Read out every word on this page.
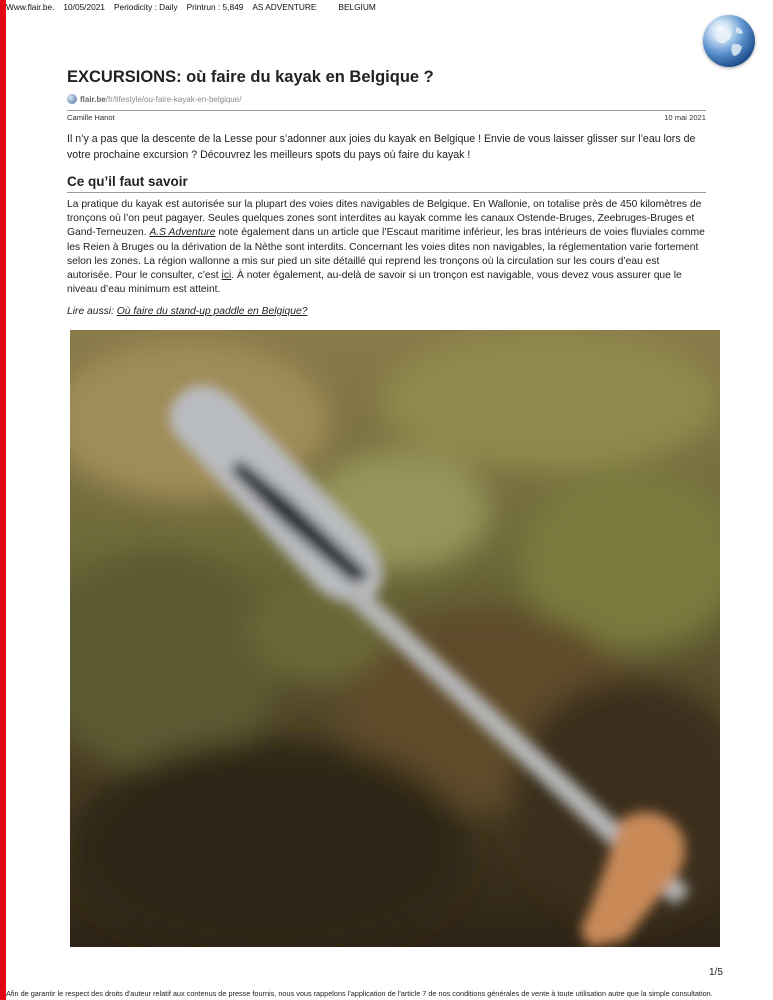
Www.flair.be. 10/05/2021 Periodicity : Daily Printrun : 5,849 AS ADVENTURE	BELGIUM
EXCURSIONS: où faire du kayak en Belgique ?
flair.be/fr/lifestyle/ou-faire-kayak-en-belgique/
Camille Hanot	10 mai 2021

Il n’y a pas que la descente de la Lesse pour s’adonner aux joies du kayak en Belgique ! Envie de vous laisser glisser sur l’eau lors de votre prochaine excursion ? Découvrez les meilleurs spots du pays où faire du kayak !

Ce qu’il faut savoir

La pratique du kayak est autorisée sur la plupart des voies dites navigables de Belgique. En Wallonie, on totalise près de 450 kilomètres de tronçons où l’on peut pagayer. Seules quelques zones sont interdites au kayak comme les canaux Ostende-Bruges, Zeebruges-Bruges et Gand-Terneuzen. A.S Adventure note également dans un article que l’Escaut maritime inférieur, les bras intérieurs de voies fluviales comme les Reien à Bruges ou la dérivation de la Nèthe sont interdits. Concernant les voies dites non navigables, la réglementation varie fortement selon les zones. La région wallonne a mis sur pied un site détaillé qui reprend les tronçons où la circulation sur les cours d’eau est autorisée. Pour le consulter, c’est ici. À noter également, au-delà de savoir si un tronçon est navigable, vous devez vous assurer que le niveau d’eau minimum est atteint.

Lire aussi: Où faire du stand-up paddle en Belgique?

1/5
Afin de garantir le respect des droits d'auteur relatif aux contenus de presse fournis, nous vous rappelons l'application de l'article 7 de nos conditions générales de vente à toute utilisation autre que la simple consultation.
